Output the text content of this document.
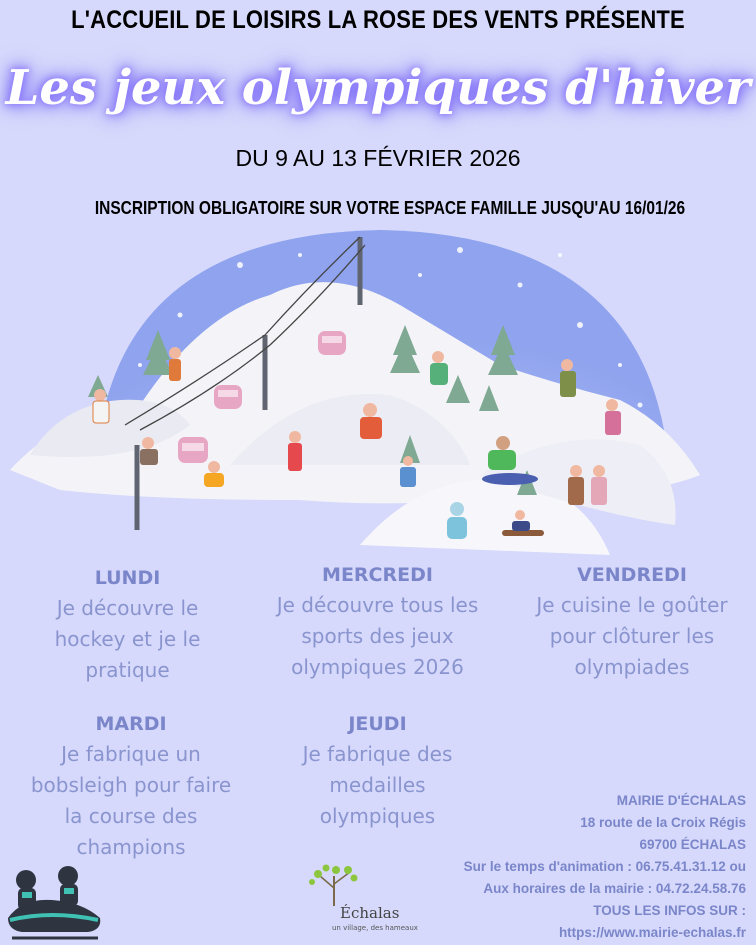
L'ACCUEIL DE LOISIRS LA ROSE DES VENTS PRÉSENTE
Les jeux olympiques d'hiver
DU 9 AU 13 FÉVRIER 2026
INSCRIPTION OBLIGATOIRE SUR VOTRE ESPACE FAMILLE JUSQU'AU 16/01/26
LUNDI
Je découvre le
hockey et je le
pratique
MERCREDI
Je découvre tous les
sports des jeux
olympiques 2026
VENDREDI
Je cuisine le goûter
pour clôturer les
olympiades
MARDI
Je fabrique un
bobsleigh pour faire
la course des
champions
JEUDI
Je fabrique des
medailles
olympiques
MAIRIE D'ÉCHALAS
18 route de la Croix Régis
69700 ÉCHALAS
Sur le temps d'animation : 06.75.41.31.12 ou
Aux horaires de la mairie : 04.72.24.58.76
TOUS LES INFOS SUR :
https://www.mairie-echalas.fr
Échalas
un village, des hameaux
